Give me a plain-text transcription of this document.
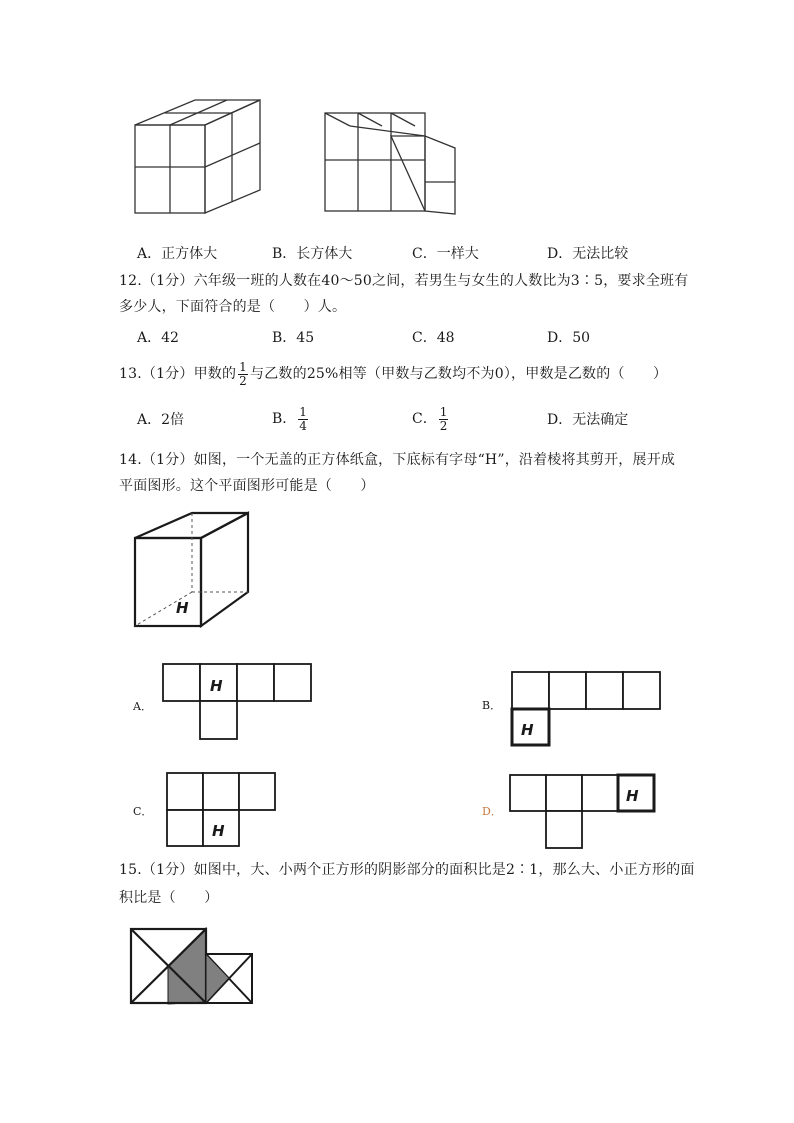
A．正方体大	B．长方体大	C．一样大	D．无法比较
12.（1分）六年级一班的人数在40～50之间，若男生与女生的人数比为3∶5，要求全班有
多少人，下面符合的是（　　）人。
A．42	B．45	C．48	D．50
13.（1分）甲数的 $\frac{1}{2}$ 与乙数的25%相等（甲数与乙数均不为0），甲数是乙数的（　　）
A．2倍	B． $\frac{1}{4}$	C． $\frac{1}{2}$	D．无法确定
14.（1分）如图，一个无盖的正方体纸盒，下底标有字母“H”，沿着棱将其剪开，展开成
平面图形。这个平面图形可能是（　　）
H
A．
H
B．
H
C．
H
D．
H
15.（1分）如图中，大、小两个正方形的阴影部分的面积比是2∶1，那么大、小正方形的面
积比是（　　）
